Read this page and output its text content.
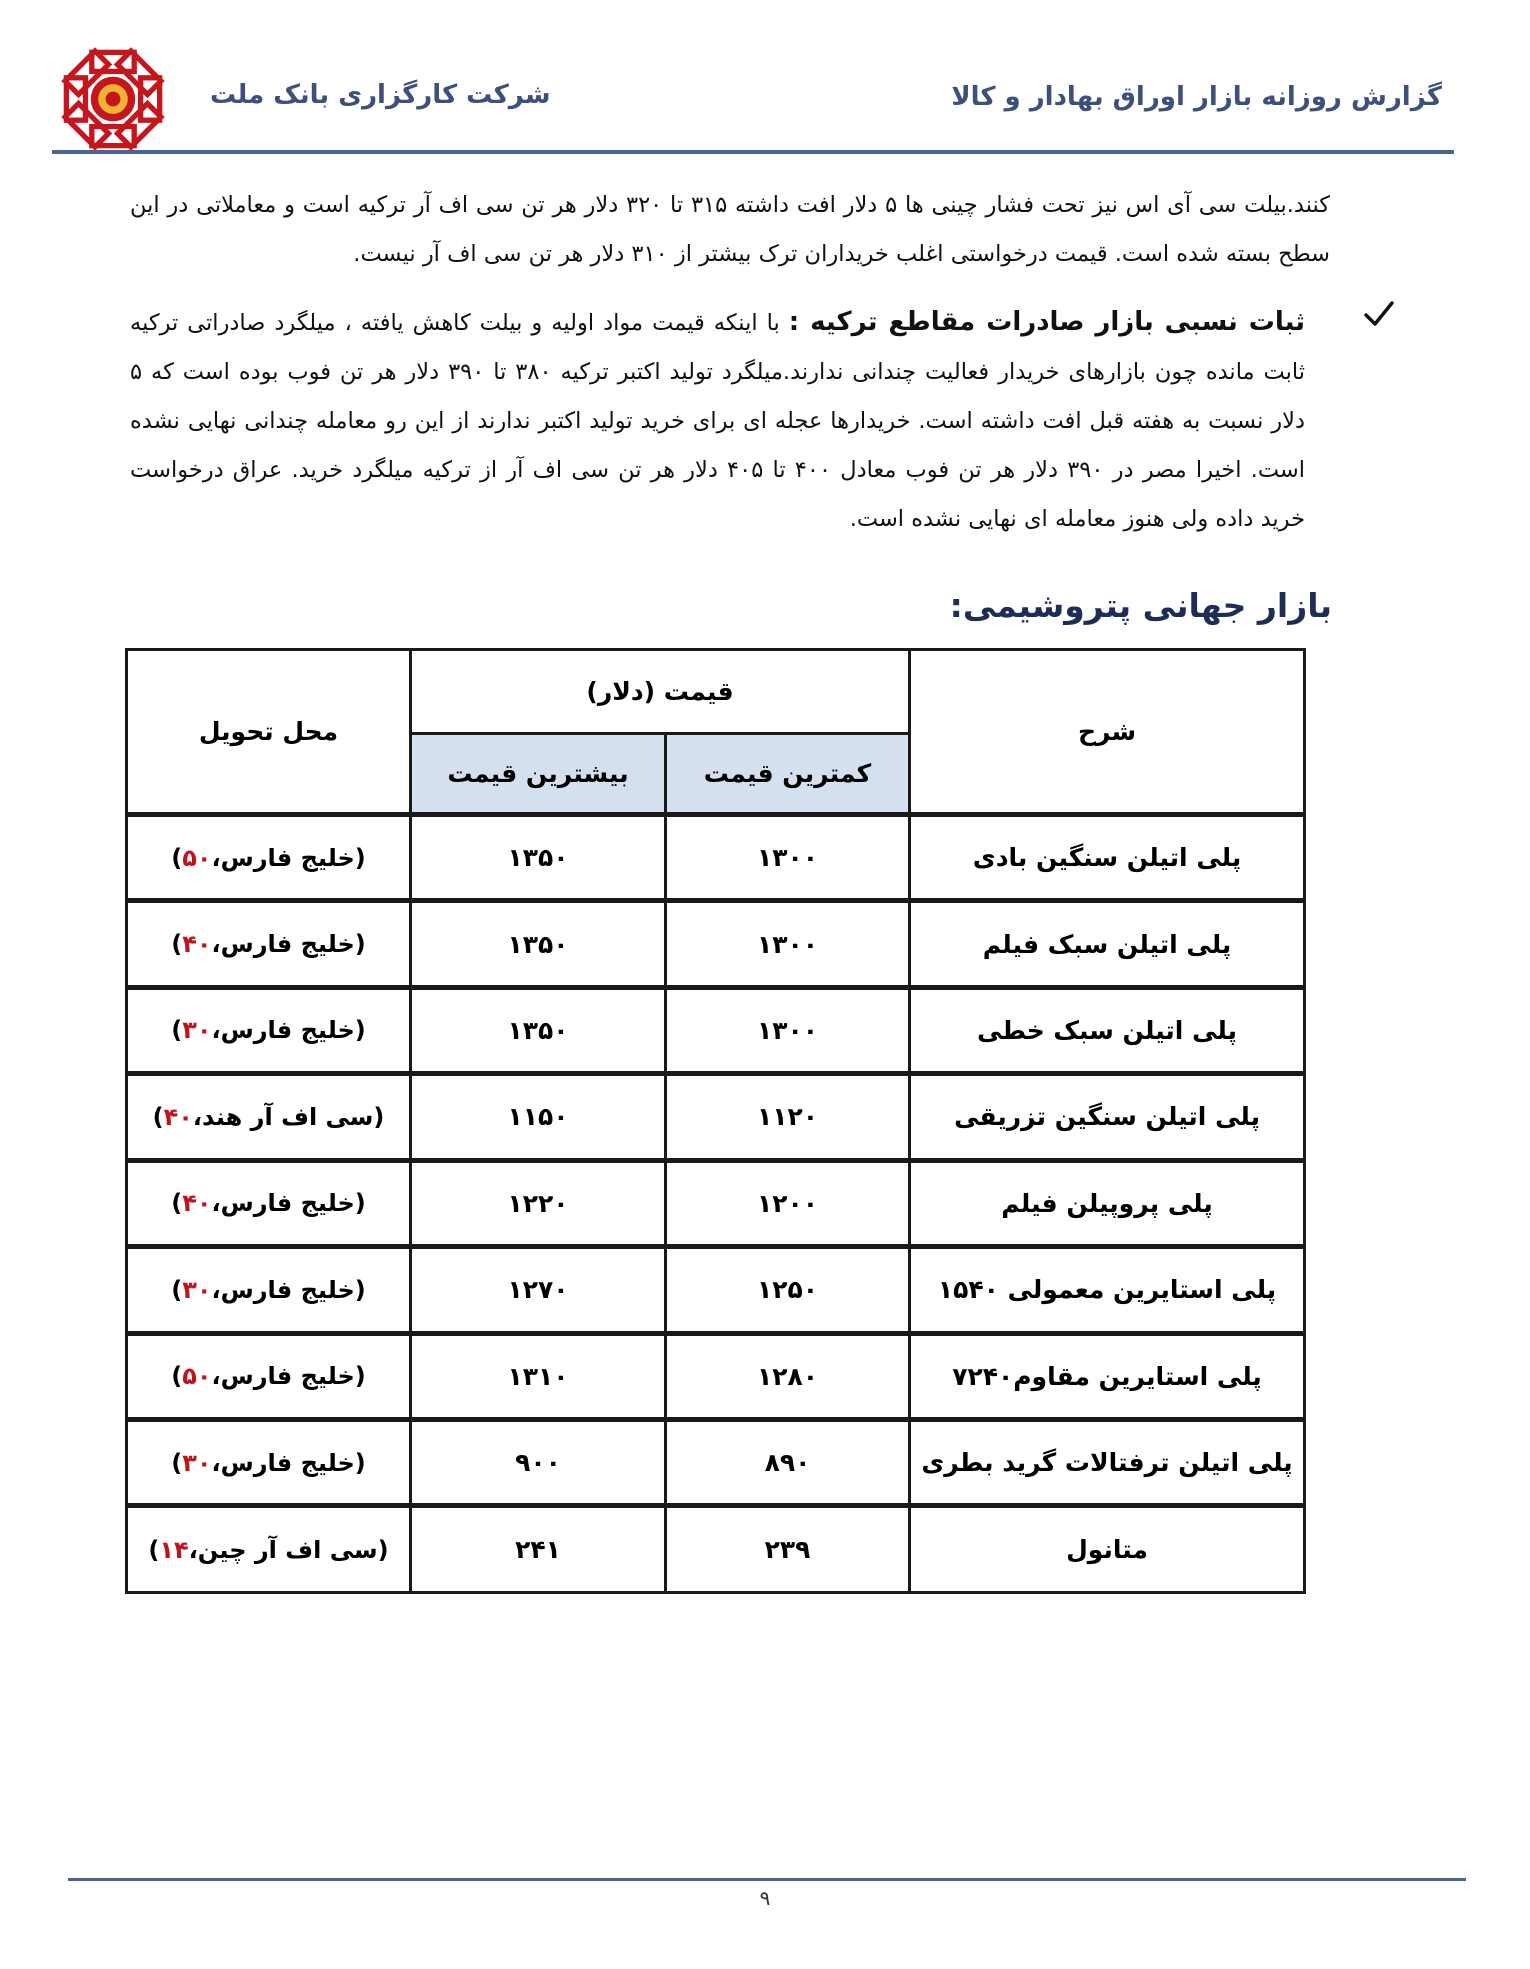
گزارش روزانه بازار اوراق بهادار و کالا
شرکت کارگزاری بانک ملت
کنند.بیلت سی آی اس نیز تحت فشار چینی ها ۵ دلار افت داشته ۳۱۵ تا ۳۲۰ دلار هر تن سی اف آر ترکیه است و معاملاتی در این سطح بسته شده است. قیمت درخواستی اغلب خریداران ترک بیشتر از ۳۱۰ دلار هر تن سی اف آر نیست.
ثبات نسبی بازار صادرات مقاطع ترکیه : با اینکه قیمت مواد اولیه و بیلت کاهش یافته ، میلگرد صادراتی ترکیه ثابت مانده چون بازارهای خریدار فعالیت چندانی ندارند.میلگرد تولید اکتبر ترکیه ۳۸۰ تا ۳۹۰ دلار هر تن فوب بوده است که ۵ دلار نسبت به هفته قبل افت داشته است. خریدارها عجله ای برای خرید تولید اکتبر ندارند از این رو معامله چندانی نهایی نشده است. اخیرا مصر در ۳۹۰ دلار هر تن فوب معادل ۴۰۰ تا ۴۰۵ دلار هر تن سی اف آر از ترکیه میلگرد خرید. عراق درخواست خرید داده ولی هنوز معامله ای نهایی نشده است.
بازار جهانی پتروشیمی:
شرح	قیمت (دلار)		محل تحویل
	کمترین قیمت	بیشترین قیمت	
پلی اتیلن سنگین بادی	۱۳۰۰	۱۳۵۰	(خلیج فارس،۵۰)
پلی اتیلن سبک فیلم	۱۳۰۰	۱۳۵۰	(خلیج فارس،۴۰)
پلی اتیلن سبک خطی	۱۳۰۰	۱۳۵۰	(خلیج فارس،۳۰)
پلی اتیلن سنگین تزریقی	۱۱۲۰	۱۱۵۰	(سی اف آر هند،۴۰)
پلی پروپیلن فیلم	۱۲۰۰	۱۲۲۰	(خلیج فارس،۴۰)
پلی استایرین معمولی ۱۵۴۰	۱۲۵۰	۱۲۷۰	(خلیج فارس،۳۰)
پلی استایرین مقاوم۷۲۴۰	۱۲۸۰	۱۳۱۰	(خلیج فارس،۵۰)
پلی اتیلن ترفتالات گرید بطری	۸۹۰	۹۰۰	(خلیج فارس،۳۰)
متانول	۲۳۹	۲۴۱	(سی اف آر چین،۱۴)
۹
